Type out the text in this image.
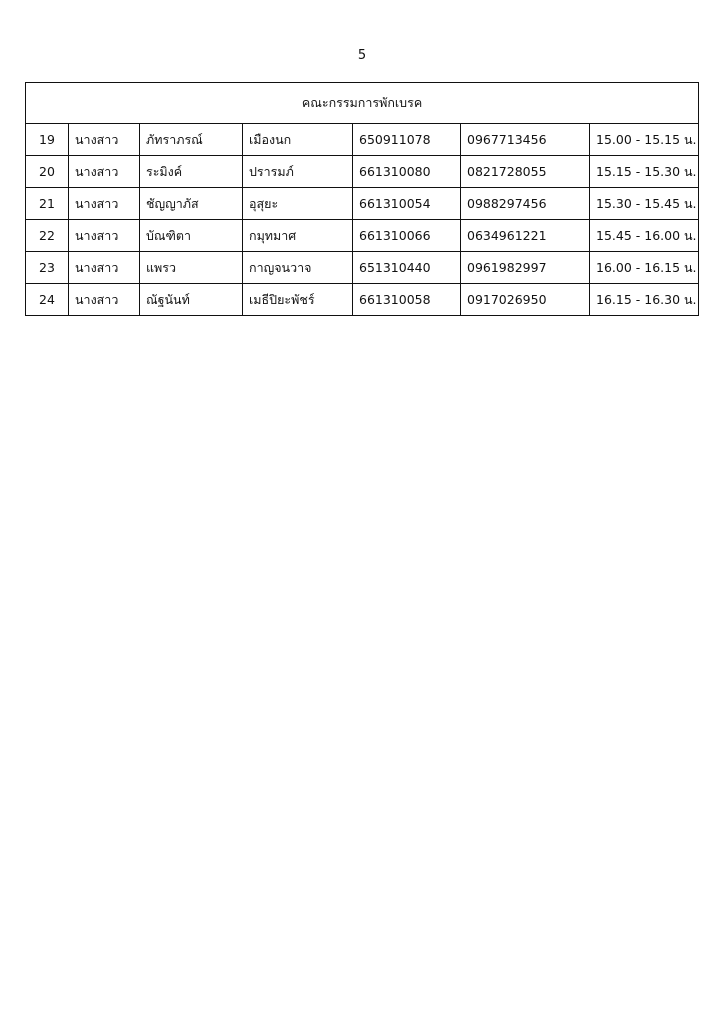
5
คณะกรรมการพักเบรค						
19	นางสาว	ภัทราภรณ์	เมืองนก	650911078	0967713456	15.00 - 15.15 น.
20	นางสาว	ระมิงค์	ปรารมภ์	661310080	0821728055	15.15 - 15.30 น.
21	นางสาว	ชัญญาภัส	อุสุยะ	661310054	0988297456	15.30 - 15.45 น.
22	นางสาว	บัณฑิตา	กมุทมาศ	661310066	0634961221	15.45 - 16.00 น.
23	นางสาว	แพรว	กาญจนวาจ	651310440	0961982997	16.00 - 16.15 น.
24	นางสาว	ณัฐนันท์	เมธีปิยะพัชร์	661310058	0917026950	16.15 - 16.30 น.
